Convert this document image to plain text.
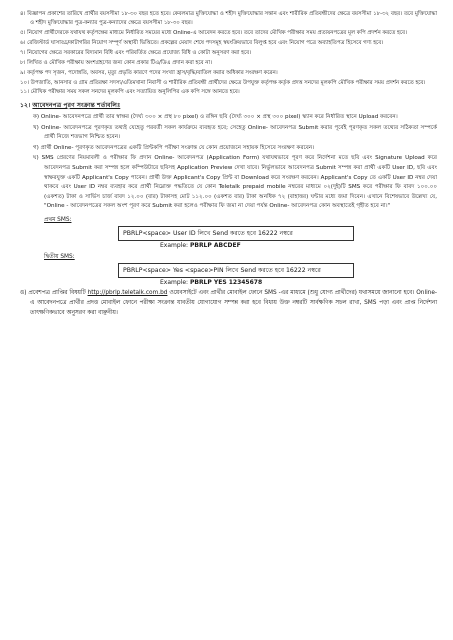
৪। বিজ্ঞাপন প্রকাশের তারিখে প্রার্থীর বয়সসীমা ১৮-৩০ বছর হতে হবে। কেবলমাত্র মুক্তিযোদ্ধা ও শহীদ মুক্তিযোদ্ধার সন্তান এবং শারীরিক প্রতিবন্ধীদের ক্ষেত্রে বয়সসীমা ১৮-৩২ বছর। তবে মুক্তিযোদ্ধা ও শহীদ মুক্তিযোদ্ধার পুত্র-কন্যার পুত্র-কন্যাদের ক্ষেত্রে বয়সসীমা ১৮-৩০ বছর।

৫। নিয়োগ প্রার্থীদেরকে যথাযথ কর্তৃপক্ষের মাধ্যমে নির্ধারিত সময়ের মধ্যে Online-এ আবেদন করতে হবে। তবে তাদের মৌখিক পরীক্ষার সময় প্রত্যয়নপত্রের মূল কপি প্রদর্শন করতে হবে।

৬। রেজিস্টার্ড ঘাসাড্ড/কাটাগরির নিয়োগ সম্পূর্ণ অস্থায়ী ভিত্তিতে। প্রকল্পের মেয়াদ শেষে পদসমূহ স্বয়ংক্রিয়ভাবে বিলুপ্ত হবে এবং নিয়োগ পত্রে অব্যাহতিপত্র হিসেবে গণ্য হবে।

৭। নিয়োগের ক্ষেত্রে সরকারের বিদ্যমান বিধি এবং পরিবর্তিত ক্ষেত্রে প্রযোজ্য বিধি ও কোটা অনুসরণ করা হবে।

৮। লিখিত ও মৌখিক পরীক্ষায় অংশগ্রহণের জন্য কোন প্রকার টিএ/ডিএ প্রদান করা হবে না।

৯। কর্তৃপক্ষ পদ সৃজন, পদোন্নতি, অবসর, মৃত্যু প্রভৃতি কারণে পদের সংখ্যা হ্রাস/বৃদ্ধি/বাতিল করার অধিকার সংরক্ষণ করেন।

১০। উপজাতি, আনসার ও গ্রাম প্রতিরক্ষা সদস্য/এতিমখানা নিবাসী ও শারীরিক প্রতিবন্ধী প্রার্থীদের ক্ষেত্রে উপযুক্ত কর্তৃপক্ষ কর্তৃক প্রদত্ত সনদের মূলকপি মৌখিক পরীক্ষার সময় প্রদর্শন করতে হবে।

১১। মৌখিক পরীক্ষার সময় সকল সনদের মূলকপি এবং সত্যায়িত অনুলিপির এক কপি সঙ্গে আনতে হবে।

১২। আবেদনপত্র পূরণ সংক্রান্ত শর্তাবলিঃ

ক) Online- আবেদনপত্রে প্রার্থী তার স্বাক্ষর (দৈর্ঘ্য ৩০০ × প্রস্থ ৮০ pixel) ও রঙ্গিন ছবি (দৈর্ঘ্য ৩০০ × প্রস্থ ৩০০ pixel) স্ক্যান করে নির্ধারিত স্থানে Upload করবেন।

খ) Online- আবেদনপত্রে পূরণকৃত তথ্যই যেহেতু পরবর্তী সকল কার্যক্রমে ব্যবহৃত হবে; সেহেতু Online- আবেদনপত্র Submit করার পূর্বেই পূরণকৃত সকল তথ্যের সঠিকতা সম্পর্কে প্রার্থী নিজে শতভাগ নিশ্চিত হবেন।

গ) প্রার্থী Online- পূরণকৃত আবেদনপত্রের একটি প্রিন্টকপি পরীক্ষা সংক্রান্ত যে কোন প্রয়োজনে সহায়ক হিসেবে সংরক্ষণ করবেন।

ঘ) SMS প্রেরণের নিয়মাবলী ও পরীক্ষার ফি প্রদান Online- আবেদনপত্র (Application Form) যথাযথভাবে পূরণ করে নির্দেশনা মতে ছবি এবং Signature Upload করে আবেদনপত্র Submit করা সম্পন্ন হলে কম্পিউটারে ছবিসহ Application Preview দেখা যাবে। নির্ভুলভাবে আবেদনপত্র Submit সম্পন্ন করা প্রার্থী একটি User ID, ছবি এবং স্বাক্ষরযুক্ত একটি Applicant's Copy পাবেন। প্রার্থী উক্ত Applicant's Copy প্রিন্ট বা Download করে সংরক্ষণ করবেন। Applicant's Copy তে একটি User ID নম্বর দেয়া থাকবে এবং User ID নম্বর ব্যবহার করে প্রার্থী নিম্নোক্ত পদ্ধতিতে যে কোন Teletalk prepaid mobile নম্বরের মাধ্যমে ০২(দুই)টি SMS করে পরীক্ষার ফি বাবদ ১০০.০০ (একশত) টাকা ও সার্ভিস চার্জ বাবদ ১২.০০ (বার) টাকাসহ মোট ১১২.০০ (একশত বার) টাকা অনধিক ৭২ (বাহাত্তর) ঘন্টার মধ্যে জমা দিবেন। এখানে বিশেষভাবে উল্লেখ্য যে, "Online - আবেদনপত্রের সকল অংশ পূরণ করে Submit করা হলেও পরীক্ষার ফি জমা না দেয়া পর্যন্ত Online- আবেদনপত্র কোন অবস্থাতেই গৃহীত হবে না।"

প্রথম SMS:

PBRLP<space> User ID লিখে Send করতে হবে 16222 নম্বরে
Example: PBRLP ABCDEF

দ্বিতীয় SMS:

PBRLP<space> Yes <space>PIN লিখে Send করতে হবে 16222 নম্বরে
Example: PBRLP YES 12345678

ঙ) প্রবেশপত্র প্রাপ্তির বিষয়টি http://pbrlp.teletalk.com.bd ওয়েবসাইটে এবং প্রার্থীর মোবাইল ফোনে SMS -এর মাধ্যমে (শুধু যোগ্য প্রার্থীদের) যথাসময়ে জানানো হবে। Online-এ আবেদনপত্রে প্রার্থীর প্রদত্ত মোবাইল ফোনে পরীক্ষা সংক্রান্ত যাবতীয় যোগাযোগ সম্পন্ন করা হবে বিধায় উক্ত নম্বরটি সার্বক্ষণিক সচল রাখা, SMS পড়া এবং প্রাপ্ত নির্দেশনা তাৎক্ষণিকভাবে অনুসরণ করা বাঞ্ছনীয়।
